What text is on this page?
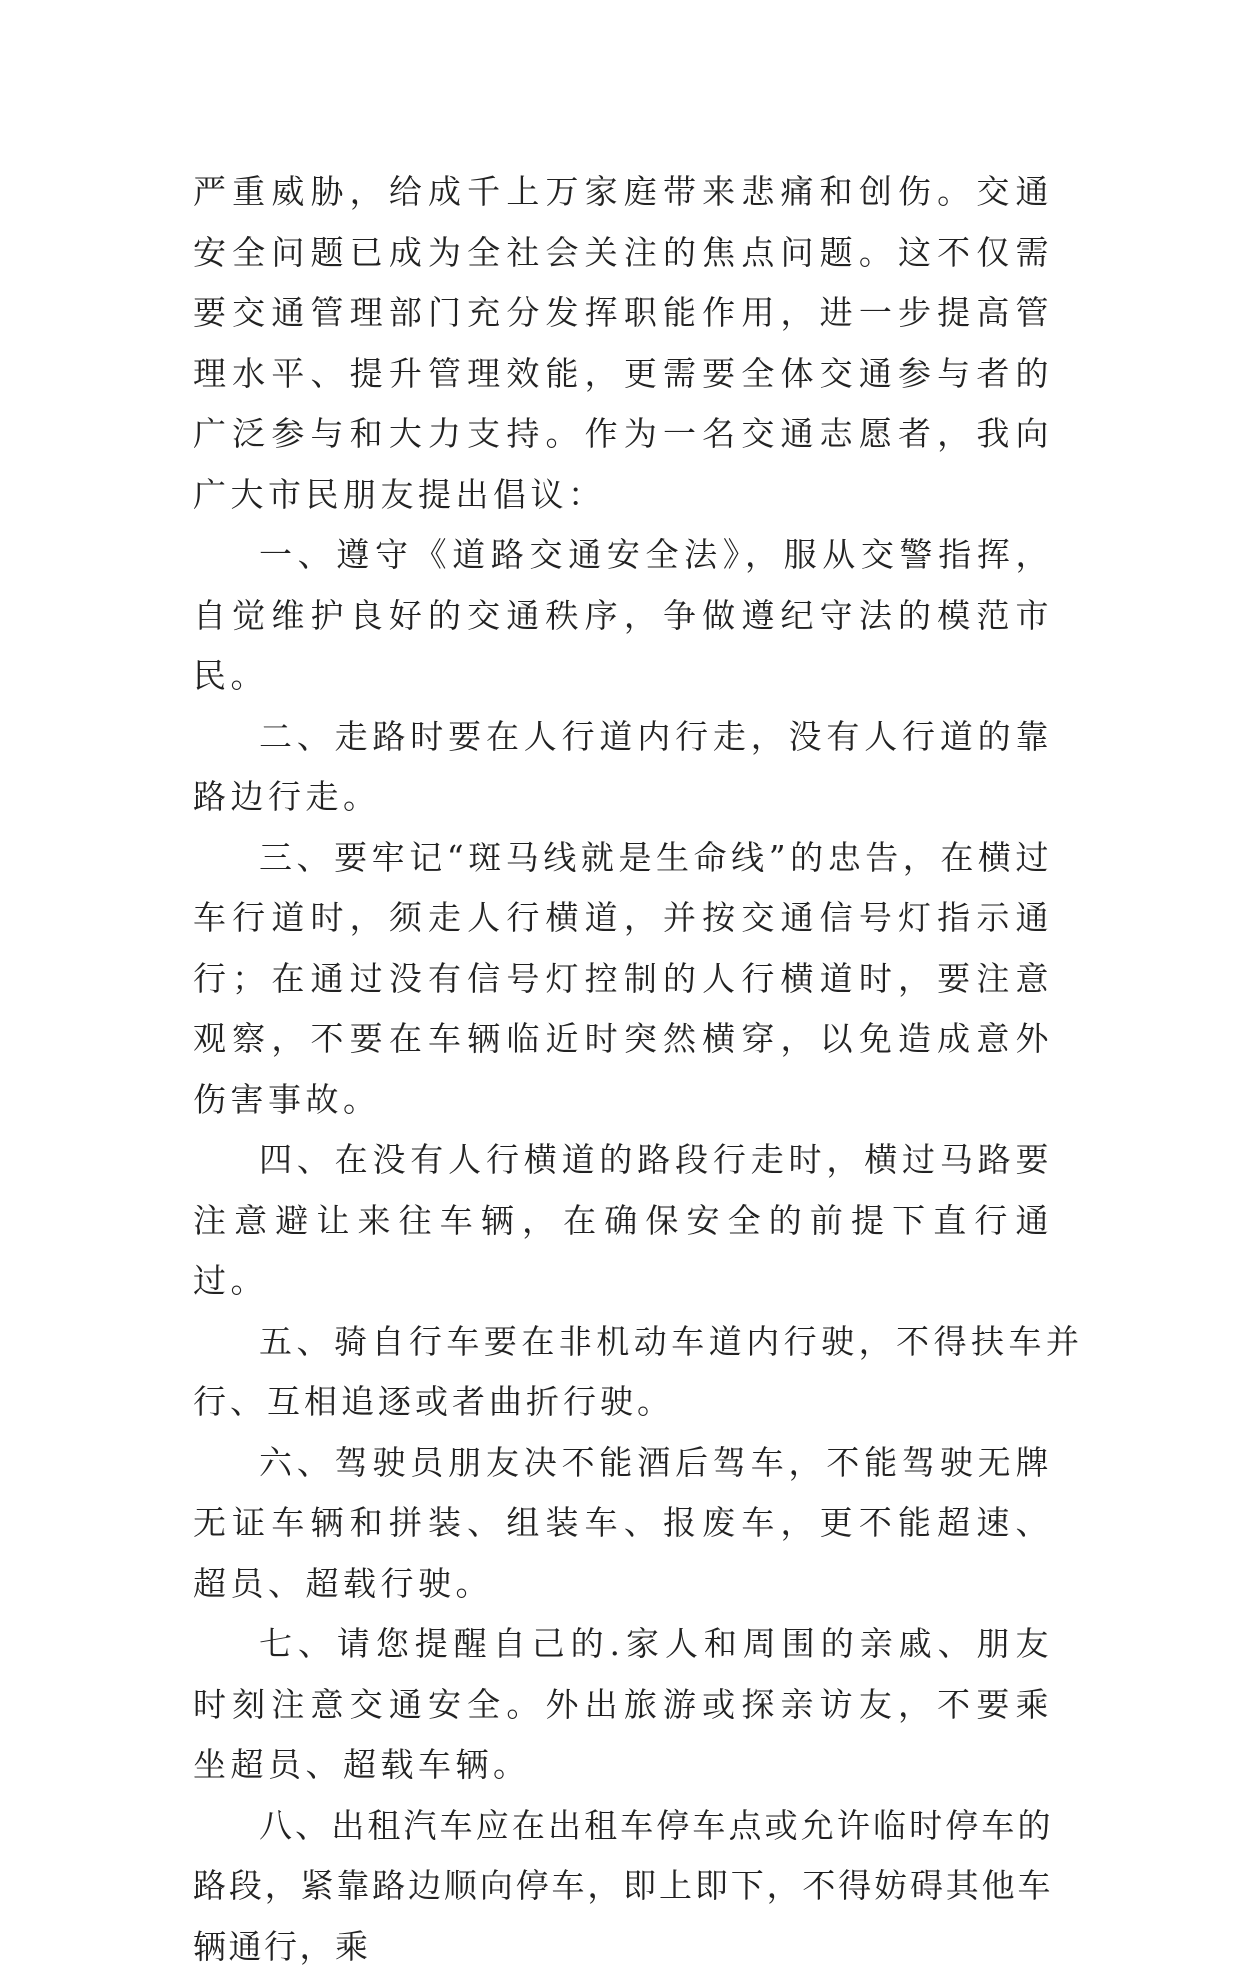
严重威胁，给成千上万家庭带来悲痛和创伤。交通安全问题已成为全社会关注的焦点问题。这不仅需要交通管理部门充分发挥职能作用，进一步提高管理水平、提升管理效能，更需要全体交通参与者的广泛参与和大力支持。作为一名交通志愿者，我向广大市民朋友提出倡议：

一、遵守《道路交通安全法》，服从交警指挥，自觉维护良好的交通秩序，争做遵纪守法的模范市民。

二、走路时要在人行道内行走，没有人行道的靠路边行走。

三、要牢记“斑马线就是生命线”的忠告，在横过车行道时，须走人行横道，并按交通信号灯指示通行；在通过没有信号灯控制的人行横道时，要注意观察，不要在车辆临近时突然横穿，以免造成意外伤害事故。

四、在没有人行横道的路段行走时，横过马路要注意避让来往车辆，在确保安全的前提下直行通过。

五、骑自行车要在非机动车道内行驶，不得扶车并行、互相追逐或者曲折行驶。

六、驾驶员朋友决不能酒后驾车，不能驾驶无牌无证车辆和拼装、组装车、报废车，更不能超速、超员、超载行驶。

七、请您提醒自己的.家人和周围的亲戚、朋友时刻注意交通安全。外出旅游或探亲访友，不要乘坐超员、超载车辆。

八、出租汽车应在出租车停车点或允许临时停车的路段，紧靠路边顺向停车，即上即下，不得妨碍其他车辆通行，乘
